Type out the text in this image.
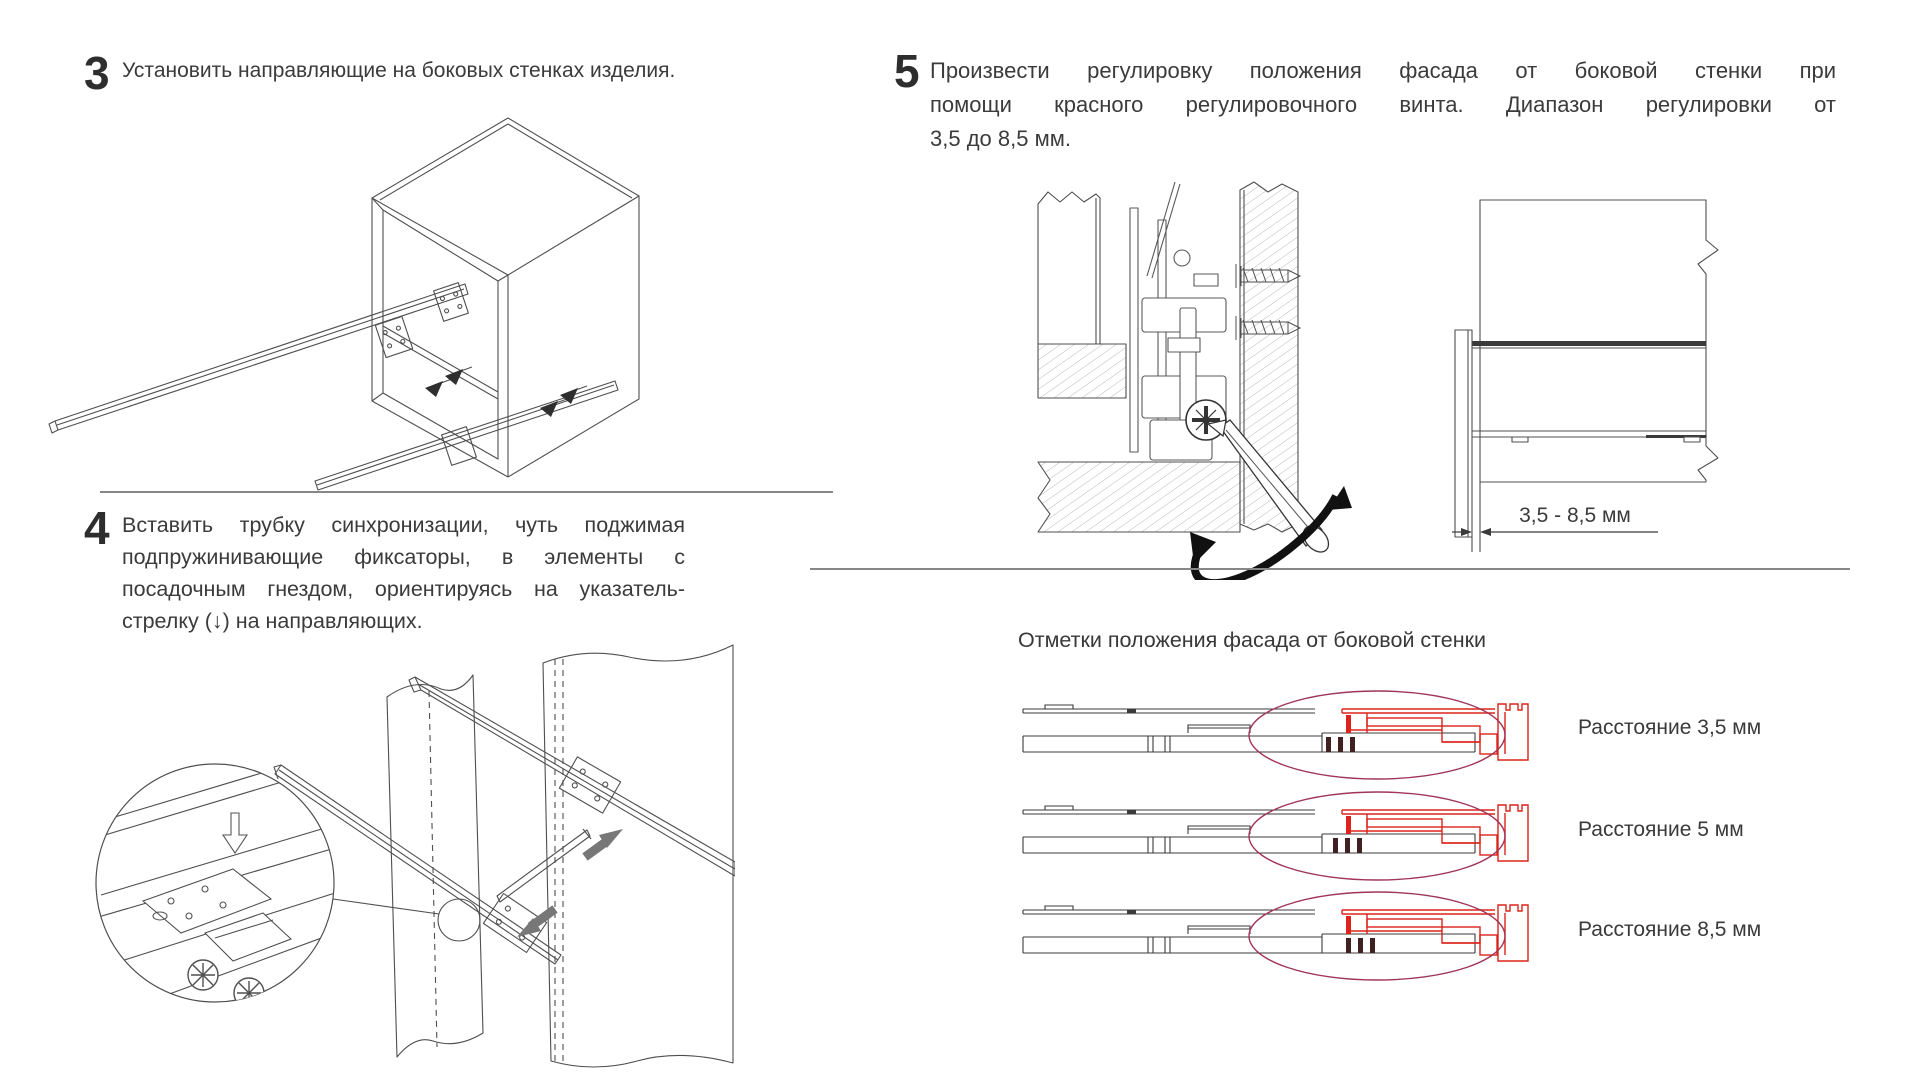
3 Установить направляющие на боковых стенках изделия.
4 Вставить трубку синхронизации, чуть поджимая
подпружинивающие фиксаторы, в элементы с
посадочным гнездом, ориентируясь на указатель-
стрелку (↓) на направляющих.
5 Произвести регулировку положения фасада от боковой стенки при
помощи красного регулировочного винта. Диапазон регулировки от
3,5 до 8,5 мм.
3,5 - 8,5 мм
Отметки положения фасада от боковой стенки
Расстояние 3,5 мм
Расстояние 5 мм
Расстояние 8,5 мм
